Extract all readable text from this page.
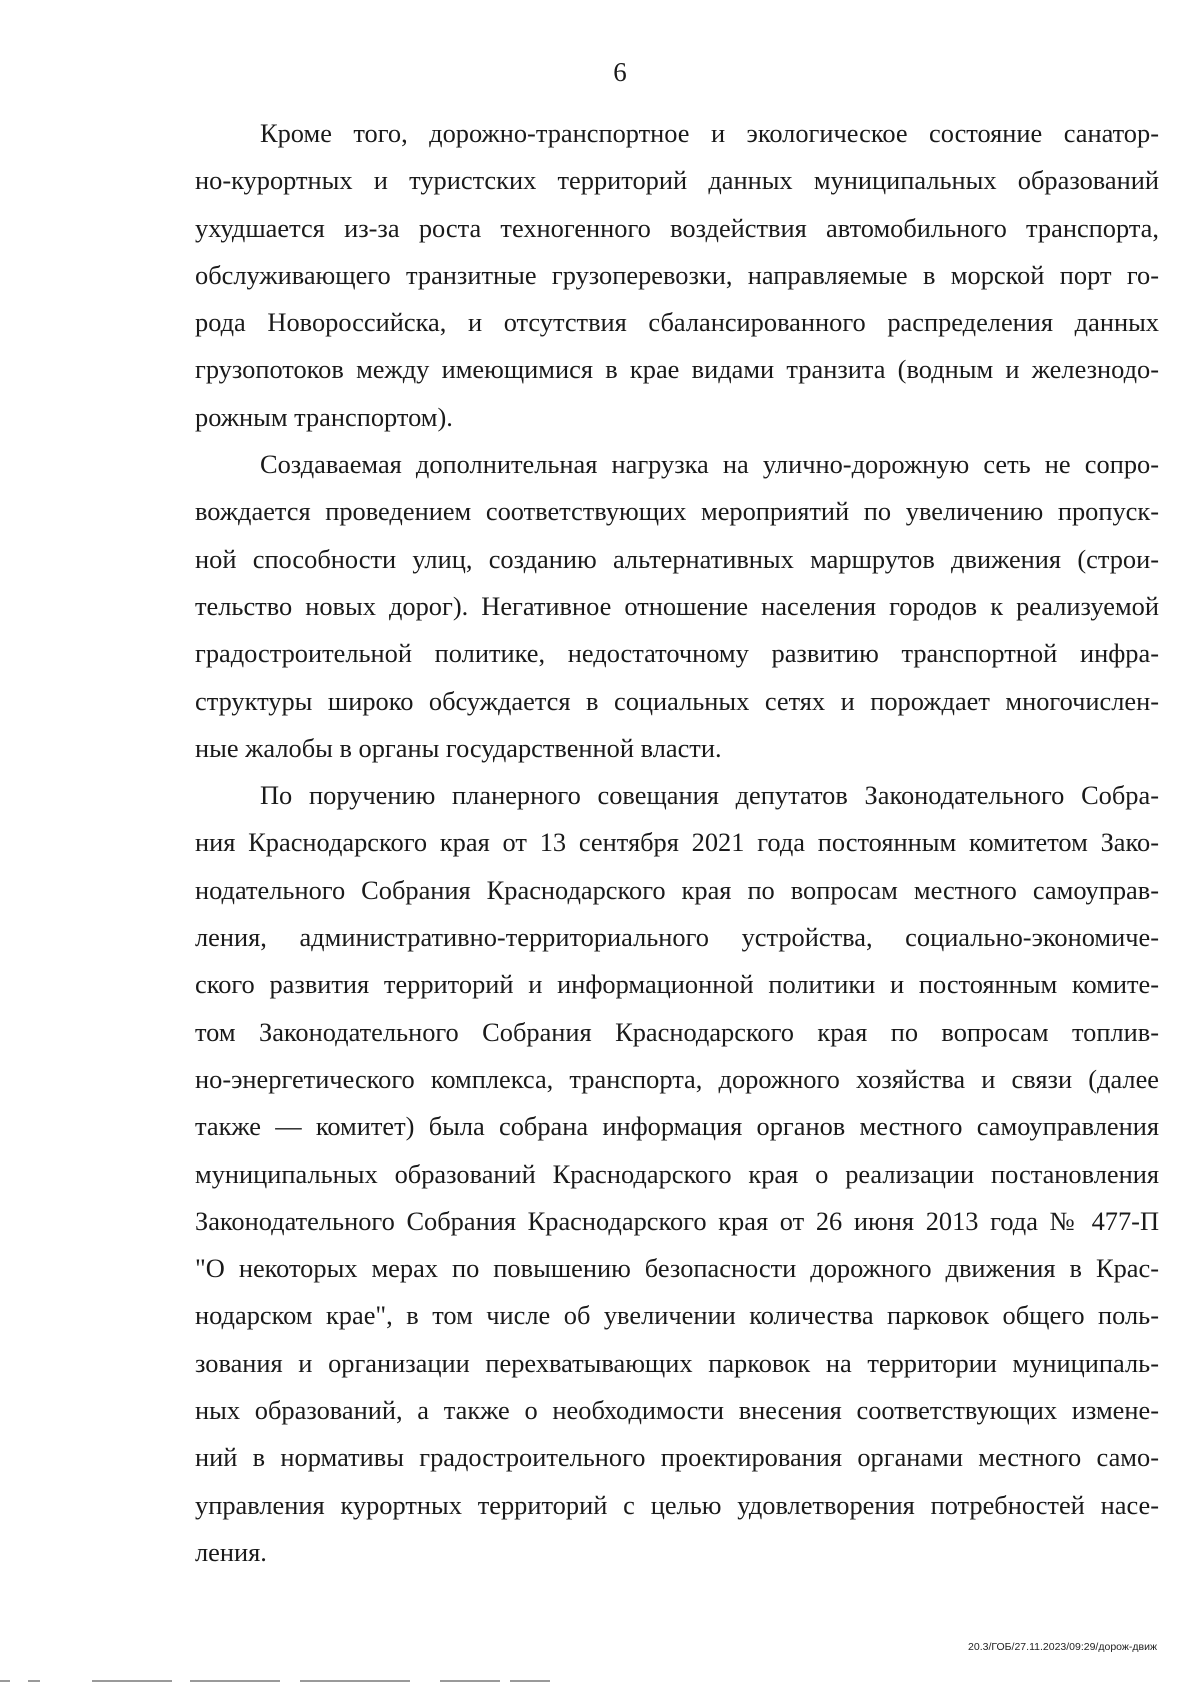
6
Кроме того, дорожно-транспортное и экологическое состояние санатор-
но-курортных и туристских территорий данных муниципальных образований
ухудшается из-за роста техногенного воздействия автомобильного транспорта,
обслуживающего транзитные грузоперевозки, направляемые в морской порт го-
рода Новороссийска, и отсутствия сбалансированного распределения данных
грузопотоков между имеющимися в крае видами транзита (водным и железнодо-
рожным транспортом).
Создаваемая дополнительная нагрузка на улично-дорожную сеть не сопро-
вождается проведением соответствующих мероприятий по увеличению пропуск-
ной способности улиц, созданию альтернативных маршрутов движения (строи-
тельство новых дорог). Негативное отношение населения городов к реализуемой
градостроительной политике, недостаточному развитию транспортной инфра-
структуры широко обсуждается в социальных сетях и порождает многочислен-
ные жалобы в органы государственной власти.
По поручению планерного совещания депутатов Законодательного Собра-
ния Краснодарского края от 13 сентября 2021 года постоянным комитетом Зако-
нодательного Собрания Краснодарского края по вопросам местного самоуправ-
ления, административно-территориального устройства, социально-экономиче-
ского развития территорий и информационной политики и постоянным комите-
том Законодательного Собрания Краснодарского края по вопросам топлив-
но-энергетического комплекса, транспорта, дорожного хозяйства и связи (далее
также — комитет) была собрана информация органов местного самоуправления
муниципальных образований Краснодарского края о реализации постановления
Законодательного Собрания Краснодарского края от 26 июня 2013 года № 477-П
"О некоторых мерах по повышению безопасности дорожного движения в Крас-
нодарском крае", в том числе об увеличении количества парковок общего поль-
зования и организации перехватывающих парковок на территории муниципаль-
ных образований, а также о необходимости внесения соответствующих измене-
ний в нормативы градостроительного проектирования органами местного само-
управления курортных территорий с целью удовлетворения потребностей насе-
ления.
20.3/ГОБ/27.11.2023/09:29/дорож-движ
